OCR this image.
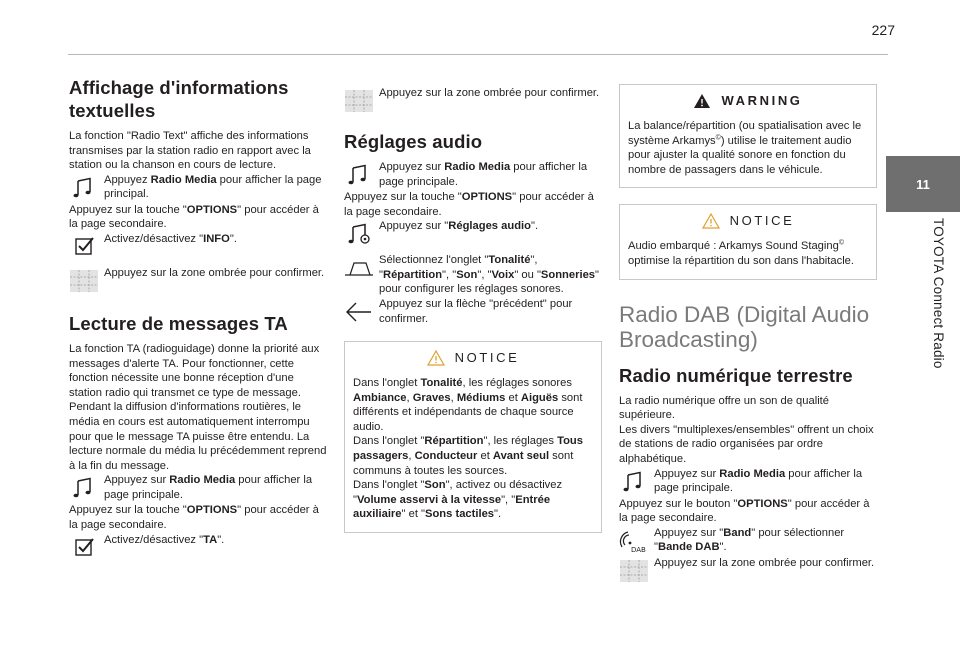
227
11
TOYOTA Connect Radio
Affichage d'informations
textuelles

La fonction "Radio Text" affiche des informations transmises par la station radio en rapport avec la station ou la chanson en cours de lecture.

Appuyez Radio Media pour afficher la page principal.

Appuyez sur la touche "OPTIONS" pour accéder à la page secondaire.

Activez/désactivez "INFO".
Appuyez sur la zone ombrée pour confirmer.
Lecture de messages TA

La fonction TA (radioguidage) donne la priorité aux messages d'alerte TA. Pour fonctionner, cette fonction nécessite une bonne réception d'une station radio qui transmet ce type de message. Pendant la diffusion d'informations routières, le média en cours est automatiquement interrompu pour que le message TA puisse être entendu. La lecture normale du média lu précédemment reprend à la fin du message.

Appuyez sur Radio Media pour afficher la page principale.

Appuyez sur la touche "OPTIONS" pour accéder à la page secondaire.

Activez/désactivez "TA".
Appuyez sur la zone ombrée pour confirmer.
Réglages audio
Appuyez sur Radio Media pour afficher la page principale.

Appuyez sur la touche "OPTIONS" pour accéder à la page secondaire.

Appuyez sur "Réglages audio".
Sélectionnez l'onglet "Tonalité", "Répartition", "Son", "Voix" ou "Sonneries" pour configurer les réglages sonores.
Appuyez sur la flèche "précédent" pour confirmer.
NOTICE

Dans l'onglet Tonalité, les réglages sonores Ambiance, Graves, Médiums et Aiguës sont différents et indépendants de chaque source audio.
Dans l'onglet "Répartition", les réglages Tous passagers, Conducteur et Avant seul sont communs à toutes les sources.
Dans l'onglet "Son", activez ou désactivez "Volume asservi à la vitesse", "Entrée auxiliaire" et "Sons tactiles".

WARNING

La balance/répartition (ou spatialisation avec le système Arkamys©) utilise le traitement audio pour ajuster la qualité sonore en fonction du nombre de passagers dans le véhicule.

NOTICE

Audio embarqué : Arkamys Sound Staging© optimise la répartition du son dans l'habitacle.

Radio DAB (Digital Audio Broadcasting)
Radio numérique terrestre

La radio numérique offre un son de qualité supérieure.

Les divers "multiplexes/ensembles" offrent un choix de stations de radio organisées par ordre alphabétique.

Appuyez sur Radio Media pour afficher la page principale.

Appuyez sur le bouton "OPTIONS" pour accéder à la page secondaire.

DAB
Appuyez sur "Band" pour sélectionner "Bande DAB".
Appuyez sur la zone ombrée pour confirmer.
